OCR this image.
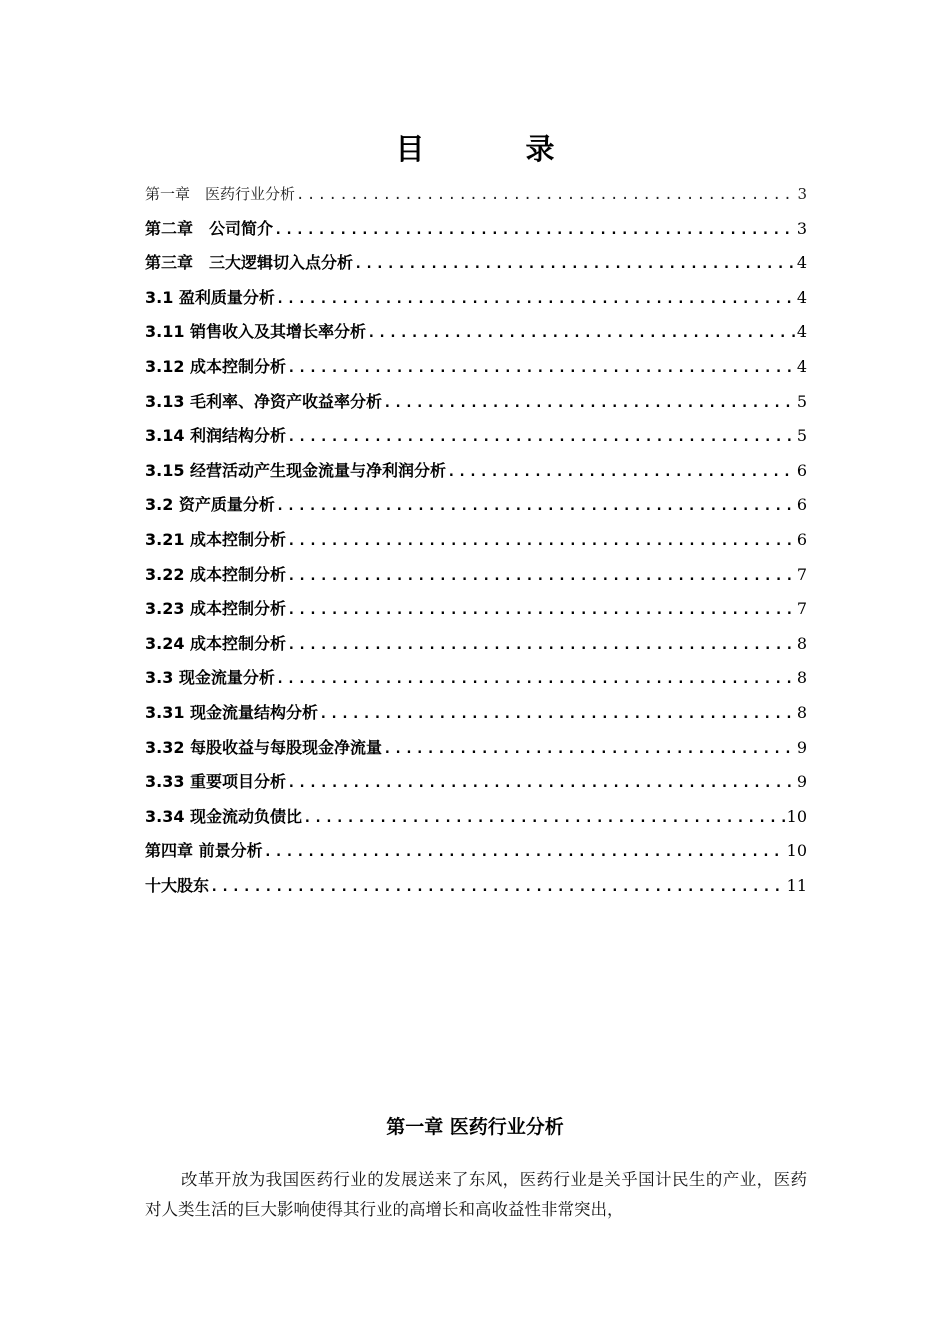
目　录
第一章　医药行业分析 .....	3
第二章　公司简介 .....	3
第三章　三大逻辑切入点分析 .....	4
3.1 盈利质量分析 .....	4
3.11 销售收入及其增长率分析 .....	4
3.12 成本控制分析 .....	4
3.13 毛利率、净资产收益率分析 .....	5
3.14 利润结构分析 .....	5
3.15 经营活动产生现金流量与净利润分析 .....	6
3.2 资产质量分析 .....	6
3.21 成本控制分析 .....	6
3.22 成本控制分析 .....	7
3.23 成本控制分析 .....	7
3.24 成本控制分析 .....	8
3.3 现金流量分析 .....	8
3.31 现金流量结构分析 .....	8
3.32 每股收益与每股现金净流量 .....	9
3.33 重要项目分析 .....	9
3.34 现金流动负债比 .....	10
第四章 前景分析 .....	10
十大股东 .....	11
第一章 医药行业分析

改革开放为我国医药行业的发展送来了东风，医药行业是关乎国计民生的产业，医药对人类生活的巨大影响使得其行业的高增长和高收益性非常突出，
